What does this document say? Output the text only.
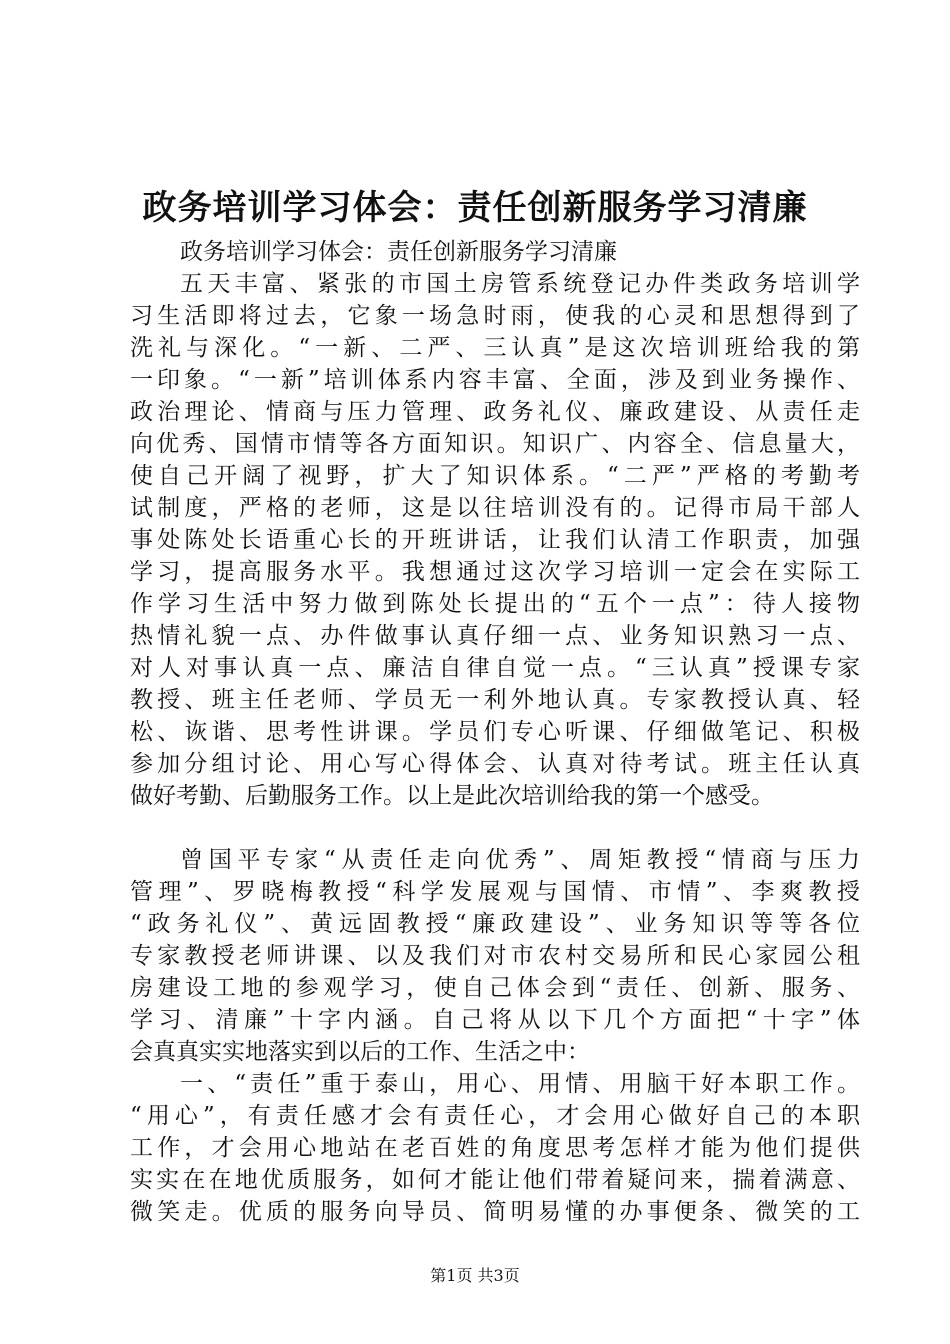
政务培训学习体会：责任创新服务学习清廉
政务培训学习体会：责任创新服务学习清廉
五天丰富、紧张的市国土房管系统登记办件类政务培训学
习生活即将过去，它象一场急时雨，使我的心灵和思想得到了
洗礼与深化。“一新、二严、三认真”是这次培训班给我的第
一印象。“一新”培训体系内容丰富、全面，涉及到业务操作、
政治理论、情商与压力管理、政务礼仪、廉政建设、从责任走
向优秀、国情市情等各方面知识。知识广、内容全、信息量大，
使自己开阔了视野，扩大了知识体系。“二严”严格的考勤考
试制度，严格的老师，这是以往培训没有的。记得市局干部人
事处陈处长语重心长的开班讲话，让我们认清工作职责，加强
学习，提高服务水平。我想通过这次学习培训一定会在实际工
作学习生活中努力做到陈处长提出的“五个一点”：待人接物
热情礼貌一点、办件做事认真仔细一点、业务知识熟习一点、
对人对事认真一点、廉洁自律自觉一点。“三认真”授课专家
教授、班主任老师、学员无一利外地认真。专家教授认真、轻
松、诙谐、思考性讲课。学员们专心听课、仔细做笔记、积极
参加分组讨论、用心写心得体会、认真对待考试。班主任认真
做好考勤、后勤服务工作。以上是此次培训给我的第一个感受。
曾国平专家“从责任走向优秀”、周矩教授“情商与压力
管理”、罗晓梅教授“科学发展观与国情、市情”、李爽教授
“政务礼仪”、黄远固教授“廉政建设”、业务知识等等各位
专家教授老师讲课、以及我们对市农村交易所和民心家园公租
房建设工地的参观学习，使自己体会到“责任、创新、服务、
学习、清廉”十字内涵。自己将从以下几个方面把“十字”体
会真真实实地落实到以后的工作、生活之中：
一、“责任”重于泰山，用心、用情、用脑干好本职工作。
“用心”，有责任感才会有责任心，才会用心做好自己的本职
工作，才会用心地站在老百姓的角度思考怎样才能为他们提供
实实在在地优质服务，如何才能让他们带着疑问来，揣着满意、
微笑走。优质的服务向导员、简明易懂的办事便条、微笑的工
第1页 共3页
